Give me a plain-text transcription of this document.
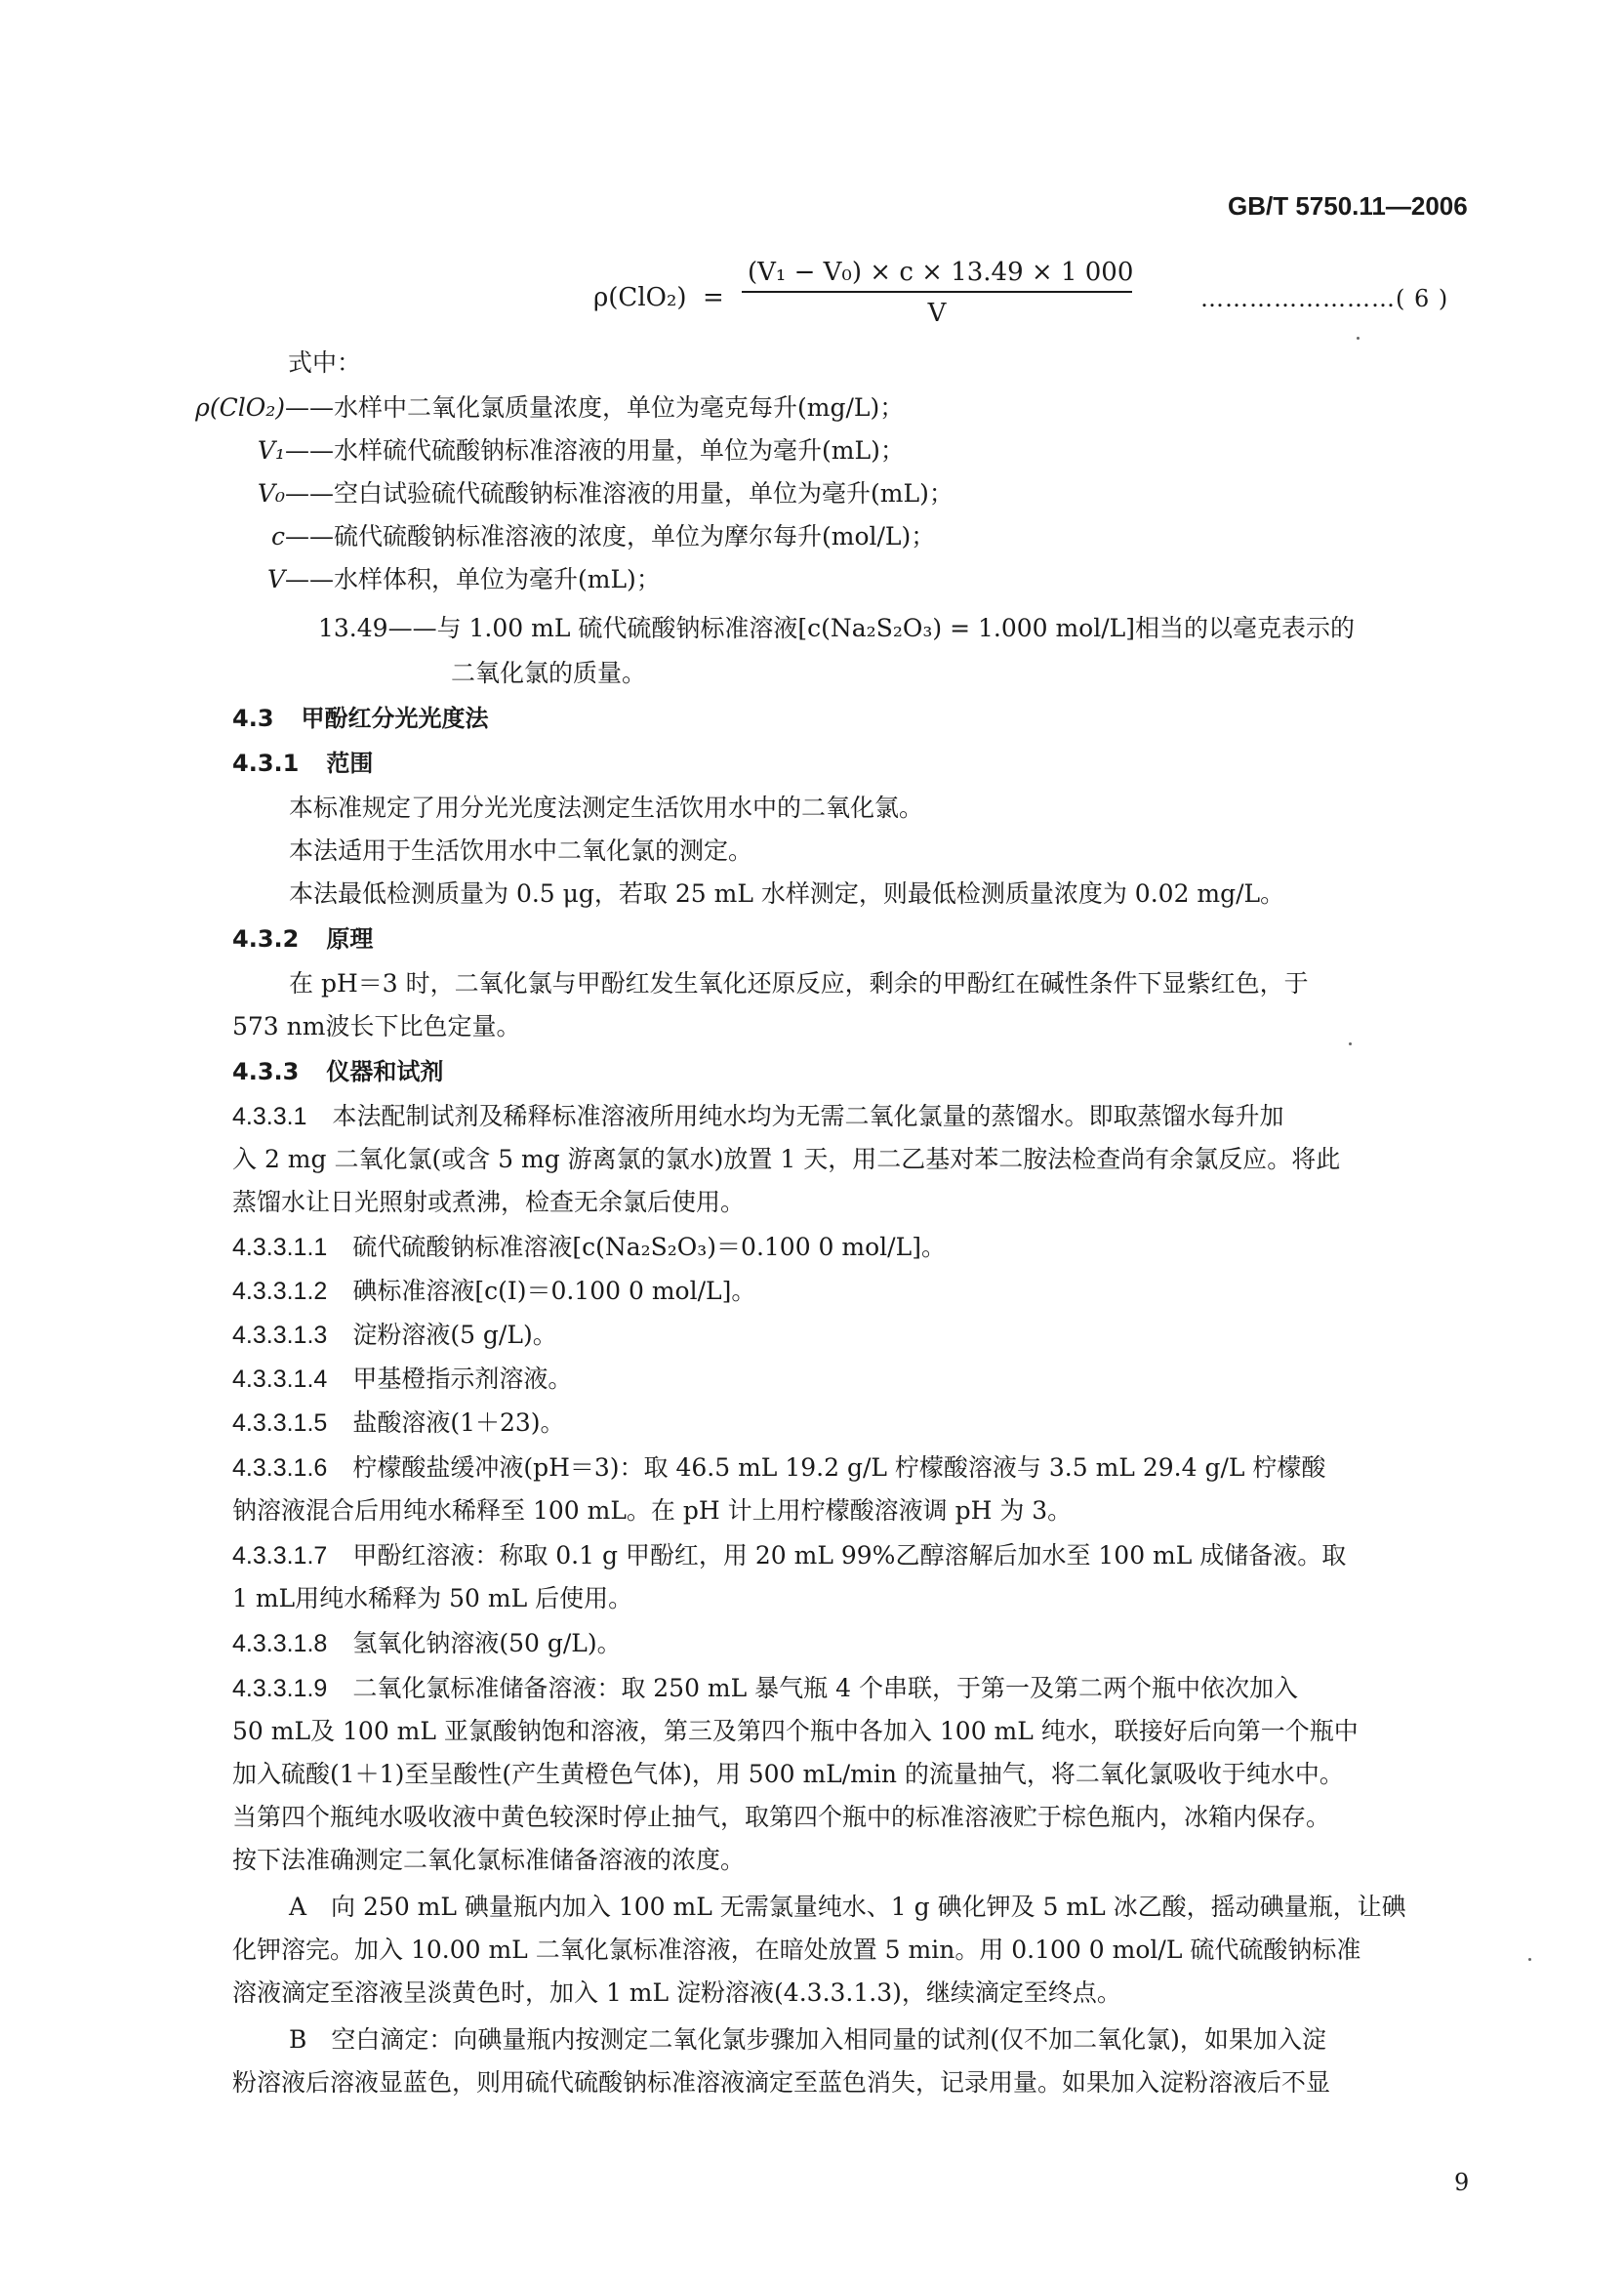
GB/T 5750.11—2006
$\rho(ClO_2) = \frac{\text{(V₁ − V₀) × c × 13.49 × 1 000}}{V}$	……………………( 6 )
式中：
ρ(ClO₂)——水样中二氧化氯质量浓度，单位为毫克每升(mg/L)；
V₁——水样硫代硫酸钠标准溶液的用量，单位为毫升(mL)；
V₀——空白试验硫代硫酸钠标准溶液的用量，单位为毫升(mL)；
c——硫代硫酸钠标准溶液的浓度，单位为摩尔每升(mol/L)；
V——水样体积，单位为毫升(mL)；
13.49——与 1.00 mL 硫代硫酸钠标准溶液[c(Na₂S₂O₃) = 1.000 mol/L]相当的以毫克表示的
二氧化氯的质量。
4.3 甲酚红分光光度法
4.3.1 范围
本标准规定了用分光光度法测定生活饮用水中的二氧化氯。
本法适用于生活饮用水中二氧化氯的测定。
本法最低检测质量为 0.5 μg，若取 25 mL 水样测定，则最低检测质量浓度为 0.02 mg/L。
4.3.2 原理
在 pH＝3 时，二氧化氯与甲酚红发生氧化还原反应，剩余的甲酚红在碱性条件下显紫红色，于
573 nm波长下比色定量。
4.3.3 仪器和试剂
4.3.3.1 本法配制试剂及稀释标准溶液所用纯水均为无需二氧化氯量的蒸馏水。即取蒸馏水每升加
入 2 mg 二氧化氯(或含 5 mg 游离氯的氯水)放置 1 天，用二乙基对苯二胺法检查尚有余氯反应。将此
蒸馏水让日光照射或煮沸，检查无余氯后使用。
4.3.3.1.1 硫代硫酸钠标准溶液[c(Na₂S₂O₃)＝0.100 0 mol/L]。
4.3.3.1.2 碘标准溶液[c(I)＝0.100 0 mol/L]。
4.3.3.1.3 淀粉溶液(5 g/L)。
4.3.3.1.4 甲基橙指示剂溶液。
4.3.3.1.5 盐酸溶液(1＋23)。
4.3.3.1.6 柠檬酸盐缓冲液(pH＝3)：取 46.5 mL 19.2 g/L 柠檬酸溶液与 3.5 mL 29.4 g/L 柠檬酸
钠溶液混合后用纯水稀释至 100 mL。在 pH 计上用柠檬酸溶液调 pH 为 3。
4.3.3.1.7 甲酚红溶液：称取 0.1 g 甲酚红，用 20 mL 99%乙醇溶解后加水至 100 mL 成储备液。取
1 mL用纯水稀释为 50 mL 后使用。
4.3.3.1.8 氢氧化钠溶液(50 g/L)。
4.3.3.1.9 二氧化氯标准储备溶液：取 250 mL 暴气瓶 4 个串联，于第一及第二两个瓶中依次加入
50 mL及 100 mL 亚氯酸钠饱和溶液，第三及第四个瓶中各加入 100 mL 纯水，联接好后向第一个瓶中
加入硫酸(1＋1)至呈酸性(产生黄橙色气体)，用 500 mL/min 的流量抽气，将二氧化氯吸收于纯水中。
当第四个瓶纯水吸收液中黄色较深时停止抽气，取第四个瓶中的标准溶液贮于棕色瓶内，冰箱内保存。
按下法准确测定二氧化氯标准储备溶液的浓度。
A　向 250 mL 碘量瓶内加入 100 mL 无需氯量纯水、1 g 碘化钾及 5 mL 冰乙酸，摇动碘量瓶，让碘
化钾溶完。加入 10.00 mL 二氧化氯标准溶液，在暗处放置 5 min。用 0.100 0 mol/L 硫代硫酸钠标准
溶液滴定至溶液呈淡黄色时，加入 1 mL 淀粉溶液(4.3.3.1.3)，继续滴定至终点。
B　空白滴定：向碘量瓶内按测定二氧化氯步骤加入相同量的试剂(仅不加二氧化氯)，如果加入淀
粉溶液后溶液显蓝色，则用硫代硫酸钠标准溶液滴定至蓝色消失，记录用量。如果加入淀粉溶液后不显
9
